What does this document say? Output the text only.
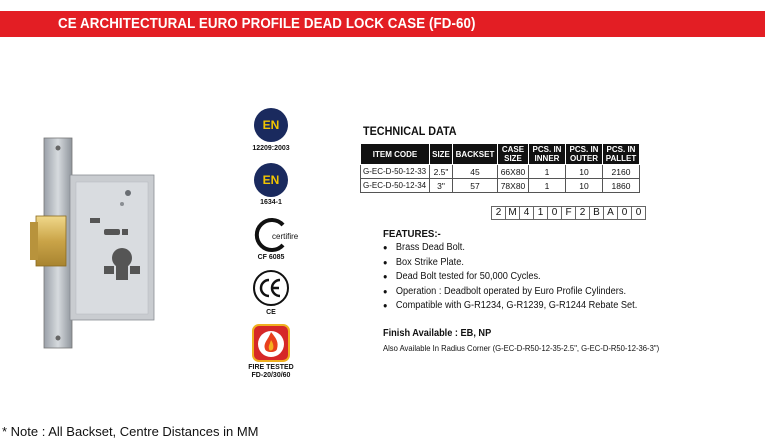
CE ARCHITECTURAL EURO PROFILE DEAD LOCK CASE (FD-60)
EN
12209:2003
EN
1634-1
certifire
CF 6085
CE
FIRE TESTED
FD-20/30/60
TECHNICAL DATA
ITEM CODE	SIZE	BACKSET	CASE SIZE	PCS. IN INNER	PCS. IN OUTER	PCS. IN PALLET
G-EC-D-50-12-33	2.5"	45	66X80	1	10	2160
G-EC-D-50-12-34	3"	57	78X80	1	10	1860
2 M 4 1 0 F 2 B A 0 0
FEATURES:-
● Brass Dead Bolt.
● Box Strike Plate.
● Dead Bolt tested for 50,000 Cycles.
● Operation : Deadbolt operated by Euro Profile Cylinders.
● Compatible with G-R1234, G-R1239, G-R1244 Rebate Set.
Finish Available : EB, NP
Also Available In Radius Corner (G-EC-D-R50-12-35-2.5", G-EC-D-R50-12-36-3")
* Note : All Backset, Centre Distances in MM
